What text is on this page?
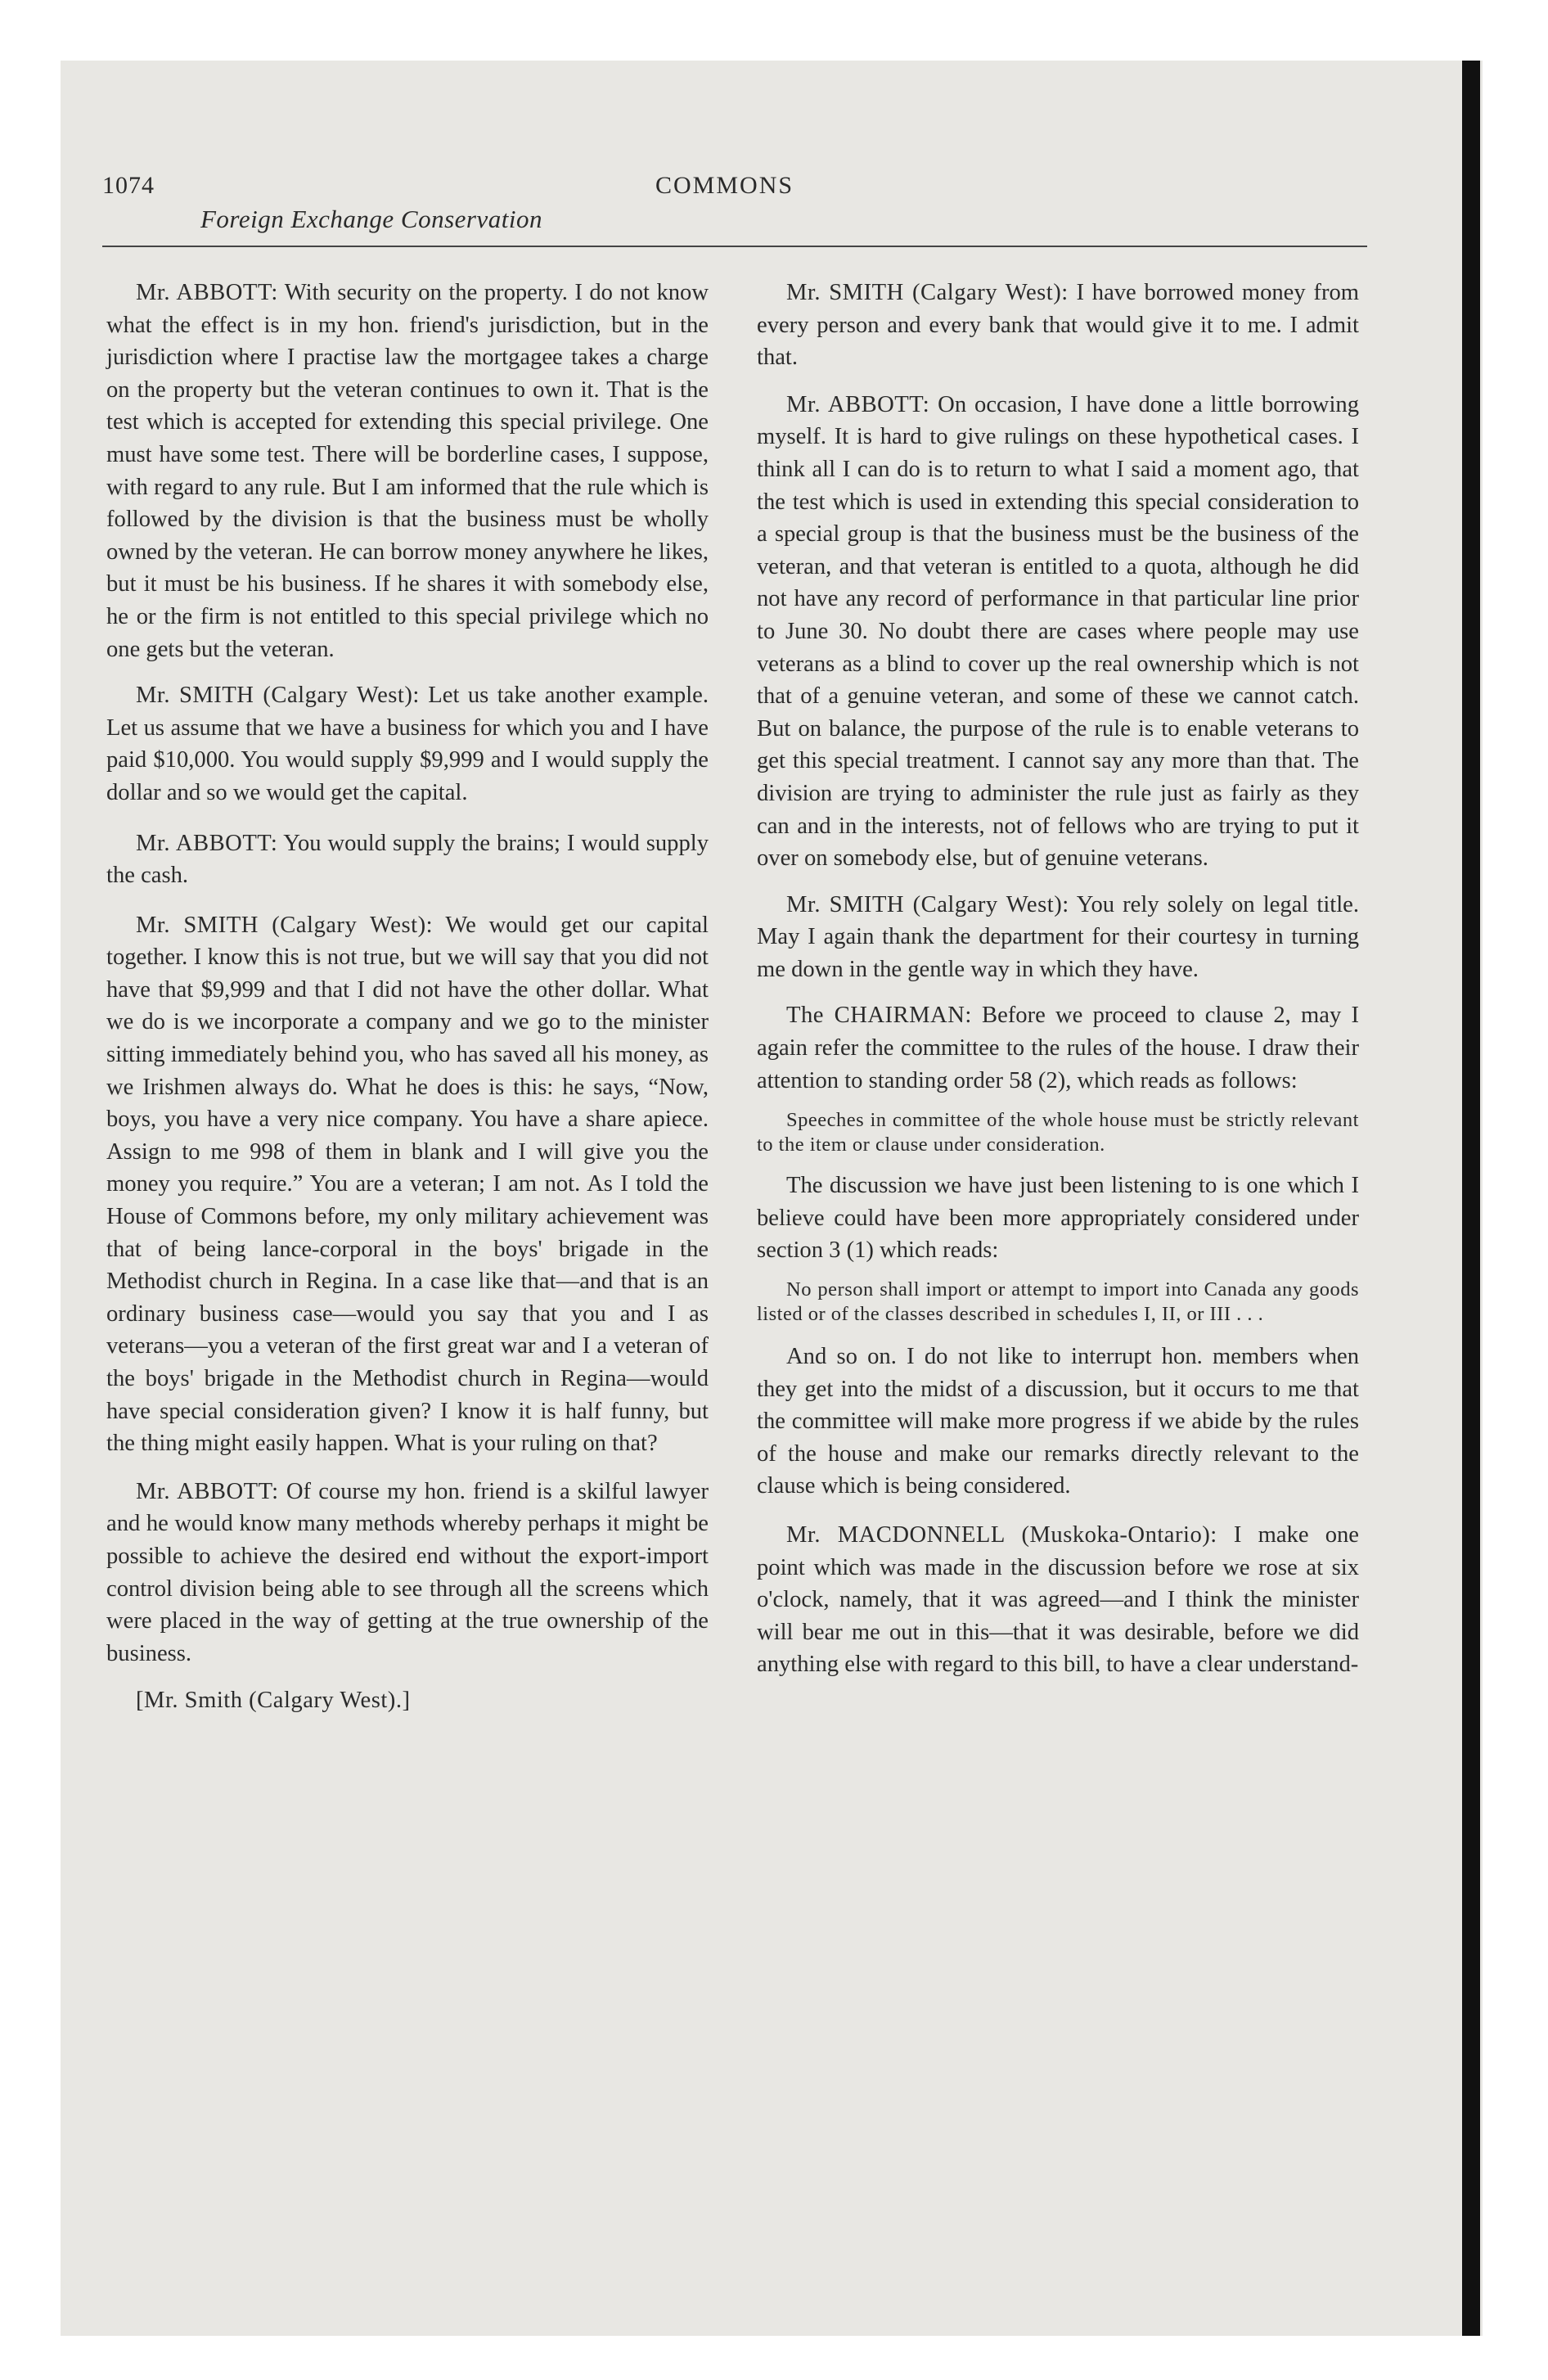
1074	COMMONS
Foreign Exchange Conservation

Mr. ABBOTT: With security on the property. I do not know what the effect is in my hon. friend's jurisdiction, but in the jurisdiction where I practise law the mortgagee takes a charge on the property but the veteran continues to own it. That is the test which is accepted for extending this special privilege. One must have some test. There will be borderline cases, I suppose, with regard to any rule. But I am informed that the rule which is followed by the division is that the business must be wholly owned by the veteran. He can borrow money anywhere he likes, but it must be his business. If he shares it with somebody else, he or the firm is not entitled to this special privilege which no one gets but the veteran.

Mr. SMITH (Calgary West): Let us take another example. Let us assume that we have a business for which you and I have paid $10,000. You would supply $9,999 and I would supply the dollar and so we would get the capital.

Mr. ABBOTT: You would supply the brains; I would supply the cash.

Mr. SMITH (Calgary West): We would get our capital together. I know this is not true, but we will say that you did not have that $9,999 and that I did not have the other dollar. What we do is we incorporate a company and we go to the minister sitting immediately behind you, who has saved all his money, as we Irishmen always do. What he does is this: he says, “Now, boys, you have a very nice company. You have a share apiece. Assign to me 998 of them in blank and I will give you the money you require.” You are a veteran; I am not. As I told the House of Commons before, my only military achievement was that of being lance-corporal in the boys' brigade in the Methodist church in Regina. In a case like that—and that is an ordinary business case—would you say that you and I as veterans—you a veteran of the first great war and I a veteran of the boys' brigade in the Methodist church in Regina—would have special consideration given? I know it is half funny, but the thing might easily happen. What is your ruling on that?

Mr. ABBOTT: Of course my hon. friend is a skilful lawyer and he would know many methods whereby perhaps it might be possible to achieve the desired end without the export-import control division being able to see through all the screens which were placed in the way of getting at the true ownership of the business.

[Mr. Smith (Calgary West).]

Mr. SMITH (Calgary West): I have borrowed money from every person and every bank that would give it to me. I admit that.

Mr. ABBOTT: On occasion, I have done a little borrowing myself. It is hard to give rulings on these hypothetical cases. I think all I can do is to return to what I said a moment ago, that the test which is used in extending this special consideration to a special group is that the business must be the business of the veteran, and that veteran is entitled to a quota, although he did not have any record of performance in that particular line prior to June 30. No doubt there are cases where people may use veterans as a blind to cover up the real ownership which is not that of a genuine veteran, and some of these we cannot catch. But on balance, the purpose of the rule is to enable veterans to get this special treatment. I cannot say any more than that. The division are trying to administer the rule just as fairly as they can and in the interests, not of fellows who are trying to put it over on somebody else, but of genuine veterans.

Mr. SMITH (Calgary West): You rely solely on legal title. May I again thank the department for their courtesy in turning me down in the gentle way in which they have.

The CHAIRMAN: Before we proceed to clause 2, may I again refer the committee to the rules of the house. I draw their attention to standing order 58 (2), which reads as follows:

Speeches in committee of the whole house must be strictly relevant to the item or clause under consideration.

The discussion we have just been listening to is one which I believe could have been more appropriately considered under section 3 (1) which reads:

No person shall import or attempt to import into Canada any goods listed or of the classes described in schedules I, II, or III . . .

And so on. I do not like to interrupt hon. members when they get into the midst of a discussion, but it occurs to me that the committee will make more progress if we abide by the rules of the house and make our remarks directly relevant to the clause which is being considered.

Mr. MACDONNELL (Muskoka-Ontario): I make one point which was made in the discussion before we rose at six o'clock, namely, that it was agreed—and I think the minister will bear me out in this—that it was desirable, before we did anything else with regard to this bill, to have a clear understand-
